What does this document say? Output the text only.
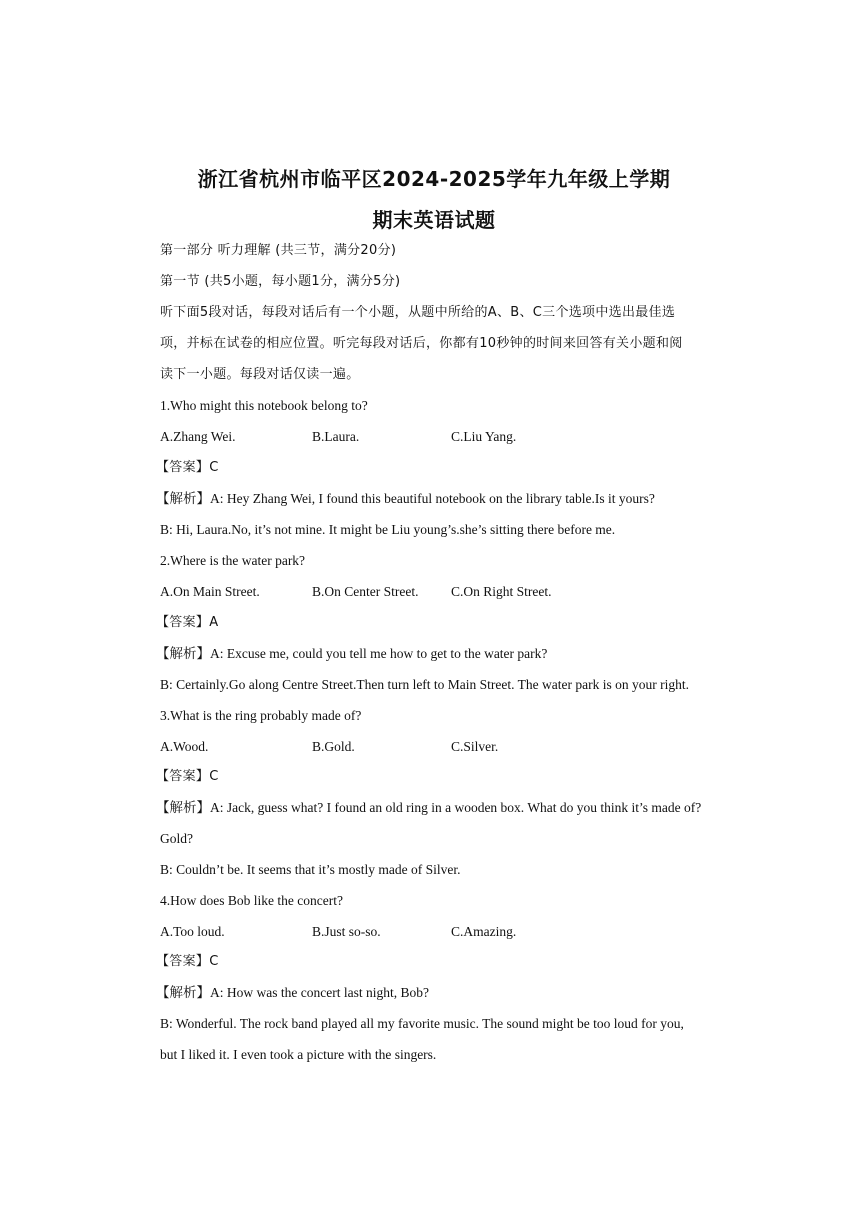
浙江省杭州市临平区2024-2025学年九年级上学期
期末英语试题
第一部分 听力理解 (共三节，满分20分)
第一节 (共5小题，每小题1分，满分5分)
听下面5段对话，每段对话后有一个小题，从题中所给的A、B、C三个选项中选出最佳选
项，并标在试卷的相应位置。听完每段对话后，你都有10秒钟的时间来回答有关小题和阅
读下一小题。每段对话仅读一遍。
1.Who might this notebook belong to?
A.Zhang Wei.	B.Laura.	C.Liu Yang.
【答案】C
【解析】A: Hey Zhang Wei, I found this beautiful notebook on the library table.Is it yours?
B: Hi, Laura.No, it’s not mine. It might be Liu young’s.she’s sitting there before me.
2.Where is the water park?
A.On Main Street.	B.On Center Street. C.On Right Street.
【答案】A
【解析】A: Excuse me, could you tell me how to get to the water park?
B: Certainly.Go along Centre Street.Then turn left to Main Street. The water park is on your right.
3.What is the ring probably made of?
A.Wood.	B.Gold.	C.Silver.
【答案】C
【解析】A: Jack, guess what? I found an old ring in a wooden box. What do you think it’s made of?
Gold?
B: Couldn’t be. It seems that it’s mostly made of Silver.
4.How does Bob like the concert?
A.Too loud.	B.Just so-so.	C.Amazing.
【答案】C
【解析】A: How was the concert last night, Bob?
B: Wonderful. The rock band played all my favorite music. The sound might be too loud for you,
but I liked it. I even took a picture with the singers.
